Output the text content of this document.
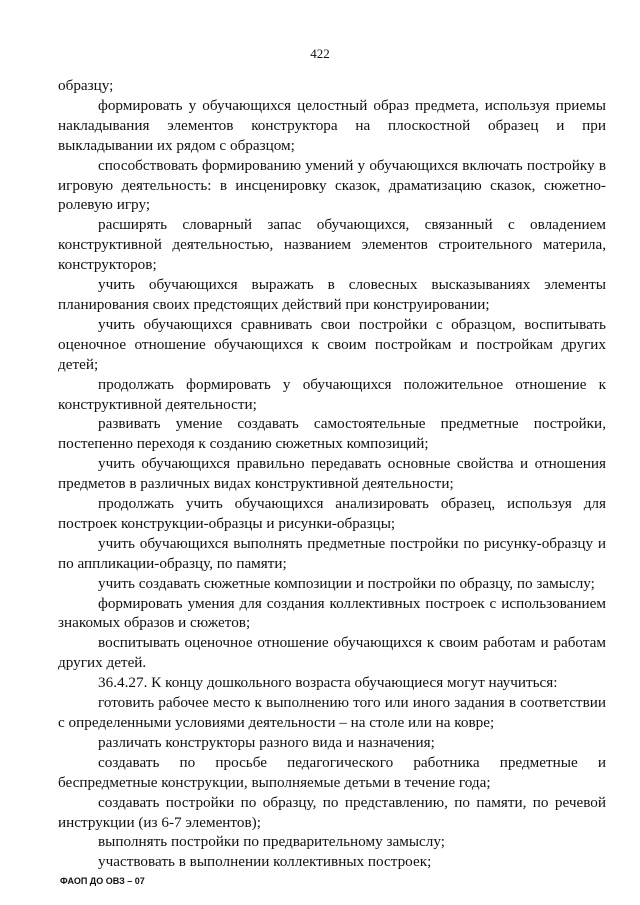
422

образцу;

формировать у обучающихся целостный образ предмета, используя приемы накладывания элементов конструктора на плоскостной образец и при выкладывании их рядом с образцом;

способствовать формированию умений у обучающихся включать постройку в игровую деятельность: в инсценировку сказок, драматизацию сказок, сюжетно-ролевую игру;

расширять словарный запас обучающихся, связанный с овладением конструктивной деятельностью, названием элементов строительного материла, конструкторов;

учить обучающихся выражать в словесных высказываниях элементы планирования своих предстоящих действий при конструировании;

учить обучающихся сравнивать свои постройки с образцом, воспитывать оценочное отношение обучающихся к своим постройкам и постройкам других детей;

продолжать формировать у обучающихся положительное отношение к конструктивной деятельности;

развивать умение создавать самостоятельные предметные постройки, постепенно переходя к созданию сюжетных композиций;

учить обучающихся правильно передавать основные свойства и отношения предметов в различных видах конструктивной деятельности;

продолжать учить обучающихся анализировать образец, используя для построек конструкции-образцы и рисунки-образцы;

учить обучающихся выполнять предметные постройки по рисунку-образцу и по аппликации-образцу, по памяти;

учить создавать сюжетные композиции и постройки по образцу, по замыслу;

формировать умения для создания коллективных построек с использованием знакомых образов и сюжетов;

воспитывать оценочное отношение обучающихся к своим работам и работам других детей.

36.4.27. К концу дошкольного возраста обучающиеся могут научиться:

готовить рабочее место к выполнению того или иного задания в соответствии с определенными условиями деятельности – на столе или на ковре;

различать конструкторы разного вида и назначения;

создавать по просьбе педагогического работника предметные и беспредметные конструкции, выполняемые детьми в течение года;

создавать постройки по образцу, по представлению, по памяти, по речевой инструкции (из 6-7 элементов);

выполнять постройки по предварительному замыслу;

участвовать в выполнении коллективных построек;

ФАОП ДО ОВЗ – 07
